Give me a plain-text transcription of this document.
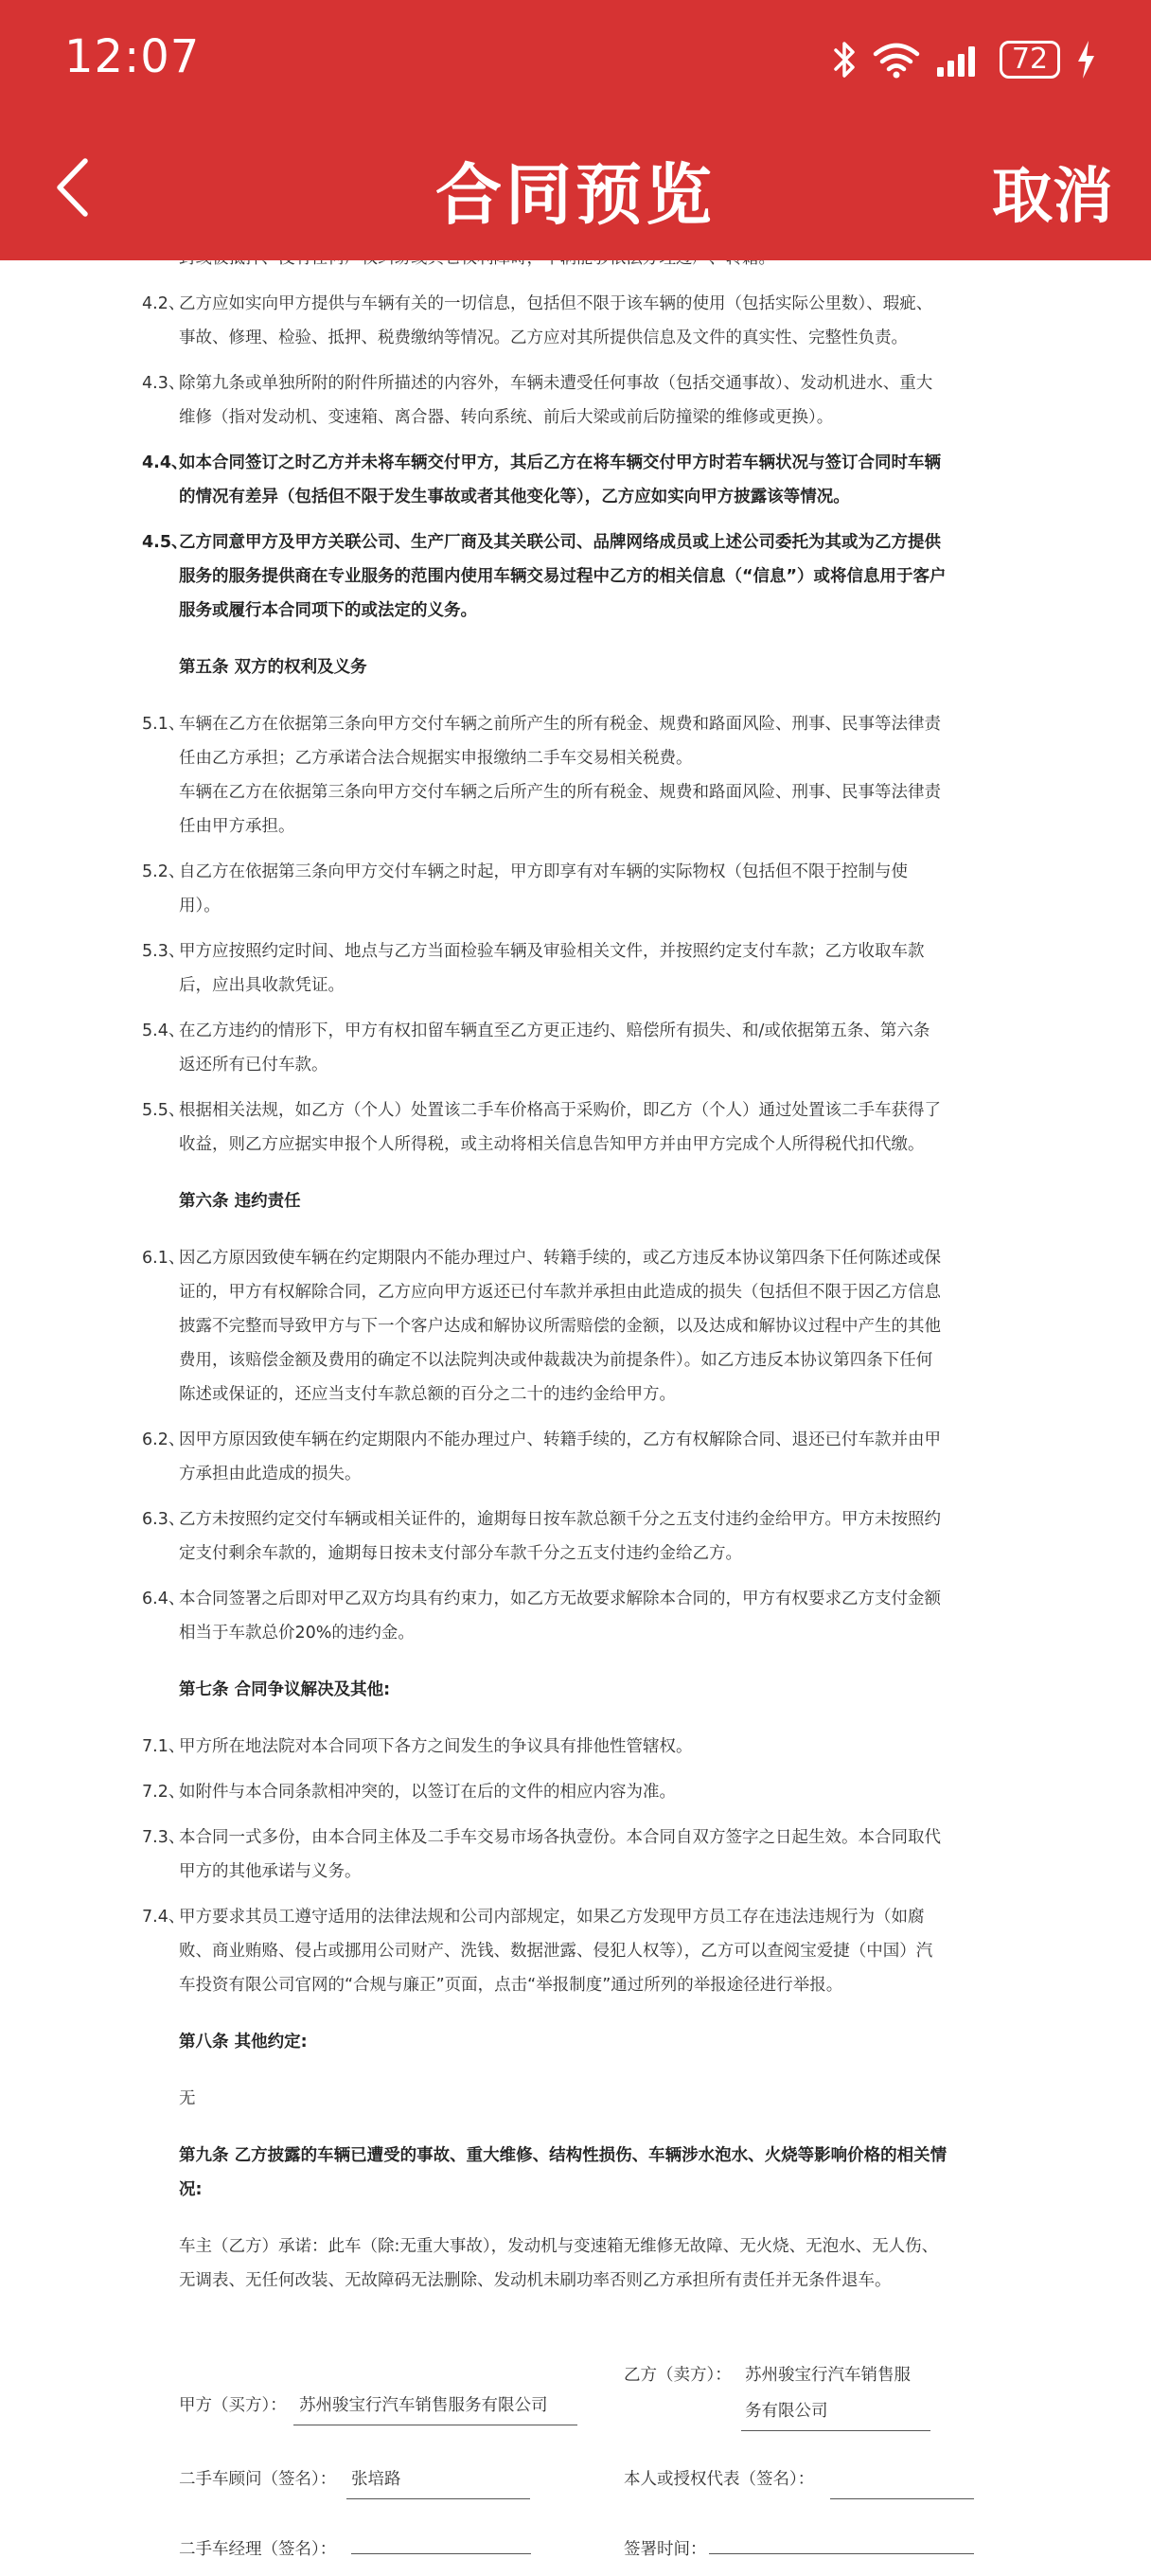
12:07	72
合同预览	取消
4.2、
乙方应如实向甲方提供与车辆有关的一切信息，包括但不限于该车辆的使用（包括实际公里数）、瑕疵、
事故、修理、检验、抵押、税费缴纳等情况。乙方应对其所提供信息及文件的真实性、完整性负责。
4.3、
除第九条或单独所附的附件所描述的内容外，车辆未遭受任何事故（包括交通事故）、发动机进水、重大
维修（指对发动机、变速箱、离合器、转向系统、前后大梁或前后防撞梁的维修或更换）。
4.4、
如本合同签订之时乙方并未将车辆交付甲方，其后乙方在将车辆交付甲方时若车辆状况与签订合同时车辆
的情况有差异（包括但不限于发生事故或者其他变化等），乙方应如实向甲方披露该等情况。
4.5、
乙方同意甲方及甲方关联公司、生产厂商及其关联公司、品牌网络成员或上述公司委托为其或为乙方提供
服务的服务提供商在专业服务的范围内使用车辆交易过程中乙方的相关信息（“信息”）或将信息用于客户
服务或履行本合同项下的或法定的义务。
第五条 双方的权利及义务
5.1、
车辆在乙方在依据第三条向甲方交付车辆之前所产生的所有税金、规费和路面风险、刑事、民事等法律责
任由乙方承担；乙方承诺合法合规据实申报缴纳二手车交易相关税费。
车辆在乙方在依据第三条向甲方交付车辆之后所产生的所有税金、规费和路面风险、刑事、民事等法律责
任由甲方承担。
5.2、
自乙方在依据第三条向甲方交付车辆之时起，甲方即享有对车辆的实际物权（包括但不限于控制与使
用）。
5.3、
甲方应按照约定时间、地点与乙方当面检验车辆及审验相关文件，并按照约定支付车款；乙方收取车款
后，应出具收款凭证。
5.4、
在乙方违约的情形下，甲方有权扣留车辆直至乙方更正违约、赔偿所有损失、和/或依据第五条、第六条
返还所有已付车款。
5.5、
根据相关法规，如乙方（个人）处置该二手车价格高于采购价，即乙方（个人）通过处置该二手车获得了
收益，则乙方应据实申报个人所得税，或主动将相关信息告知甲方并由甲方完成个人所得税代扣代缴。
第六条 违约责任
6.1、
因乙方原因致使车辆在约定期限内不能办理过户、转籍手续的，或乙方违反本协议第四条下任何陈述或保
证的，甲方有权解除合同，乙方应向甲方返还已付车款并承担由此造成的损失（包括但不限于因乙方信息
披露不完整而导致甲方与下一个客户达成和解协议所需赔偿的金额，以及达成和解协议过程中产生的其他
费用，该赔偿金额及费用的确定不以法院判决或仲裁裁决为前提条件）。如乙方违反本协议第四条下任何
陈述或保证的，还应当支付车款总额的百分之二十的违约金给甲方。
6.2、
因甲方原因致使车辆在约定期限内不能办理过户、转籍手续的，乙方有权解除合同、退还已付车款并由甲
方承担由此造成的损失。
6.3、
乙方未按照约定交付车辆或相关证件的，逾期每日按车款总额千分之五支付违约金给甲方。甲方未按照约
定支付剩余车款的，逾期每日按未支付部分车款千分之五支付违约金给乙方。
6.4、
本合同签署之后即对甲乙双方均具有约束力，如乙方无故要求解除本合同的，甲方有权要求乙方支付金额
相当于车款总价20%的违约金。
第七条 合同争议解决及其他:
7.1、
甲方所在地法院对本合同项下各方之间发生的争议具有排他性管辖权。
7.2、
如附件与本合同条款相冲突的，以签订在后的文件的相应内容为准。
7.3、
本合同一式多份，由本合同主体及二手车交易市场各执壹份。本合同自双方签字之日起生效。本合同取代
甲方的其他承诺与义务。
7.4、
甲方要求其员工遵守适用的法律法规和公司内部规定，如果乙方发现甲方员工存在违法违规行为（如腐
败、商业贿赂、侵占或挪用公司财产、洗钱、数据泄露、侵犯人权等），乙方可以查阅宝爱捷（中国）汽
车投资有限公司官网的“合规与廉正”页面，点击“举报制度”通过所列的举报途径进行举报。
第八条 其他约定:
无
第九条 乙方披露的车辆已遭受的事故、重大维修、结构性损伤、车辆涉水泡水、火烧等影响价格的相关情
况:
车主（乙方）承诺：此车（除:无重大事故），发动机与变速箱无维修无故障、无火烧、无泡水、无人伤、
无调表、无任何改装、无故障码无法删除、发动机未刷功率否则乙方承担所有责任并无条件退车。
甲方（买方）： 苏州骏宝行汽车销售服务有限公司
乙方（卖方）： 苏州骏宝行汽车销售服
务有限公司
二手车顾问（签名）： 张培路	本人或授权代表（签名）：
二手车经理（签名）：	签署时间：
